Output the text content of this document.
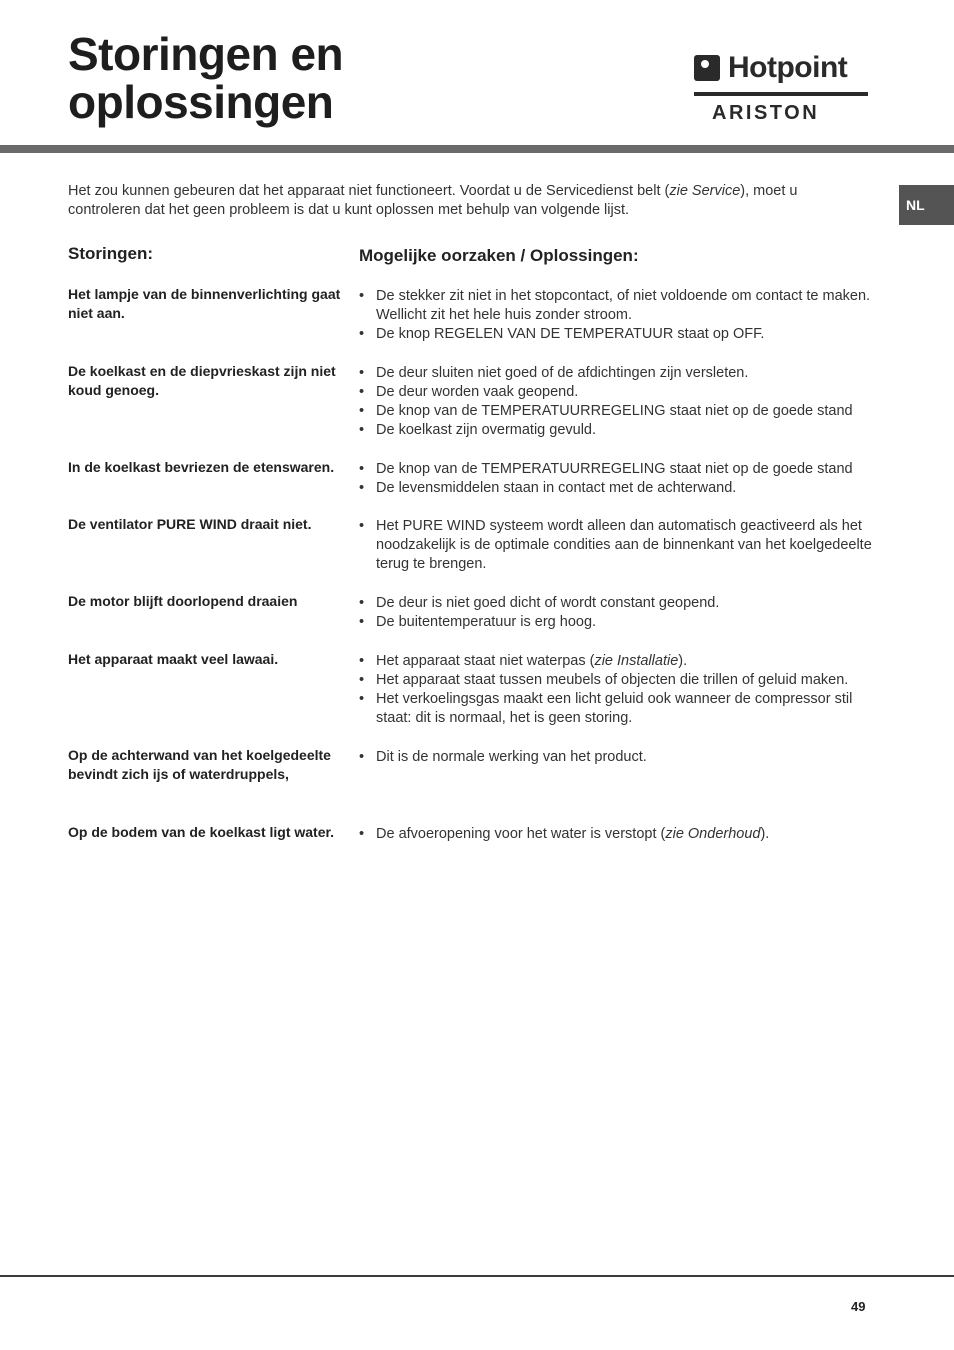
Storingen en
oplossingen
Hotpoint
ARISTON
NL

Het zou kunnen gebeuren dat het apparaat niet functioneert. Voordat u de Servicedienst belt (zie Service), moet u controleren dat het geen probleem is dat u kunt oplossen met behulp van volgende lijst.

Storingen:	Mogelijke oorzaken / Oplossingen:

Het lampje van de binnenverlichting gaat niet aan.

• De stekker zit niet in het stopcontact, of niet voldoende om contact te maken. Wellicht zit het hele huis zonder stroom.
• De knop REGELEN VAN DE TEMPERATUUR staat op OFF.

De koelkast en de diepvrieskast zijn niet koud genoeg.

• De deur sluiten niet goed of de afdichtingen zijn versleten.
• De deur worden vaak geopend.
• De knop van de TEMPERATUURREGELING staat niet op de goede stand
• De koelkast zijn overmatig gevuld.

In de koelkast bevriezen de etenswaren.	• De knop van de TEMPERATUURREGELING staat niet op de goede stand
• De levensmiddelen staan in contact met de achterwand.

De ventilator PURE WIND draait niet.	• Het PURE WIND systeem wordt alleen dan automatisch geactiveerd als het noodzakelijk is de optimale condities aan de binnenkant van het koelgedeelte terug te brengen.

De motor blijft doorlopend draaien	• De deur is niet goed dicht of wordt constant geopend.
• De buitentemperatuur is erg hoog.

Het apparaat maakt veel lawaai.	• Het apparaat staat niet waterpas (zie Installatie).
• Het apparaat staat tussen meubels of objecten die trillen of geluid maken.
• Het verkoelingsgas maakt een licht geluid ook wanneer de compressor stil staat: dit is normaal, het is geen storing.

Op de achterwand van het koelgedeelte bevindt zich ijs of waterdruppels,

• Dit is de normale werking van het product.

Op de bodem van de koelkast ligt water.	• De afvoeropening voor het water is verstopt (zie Onderhoud).
49
